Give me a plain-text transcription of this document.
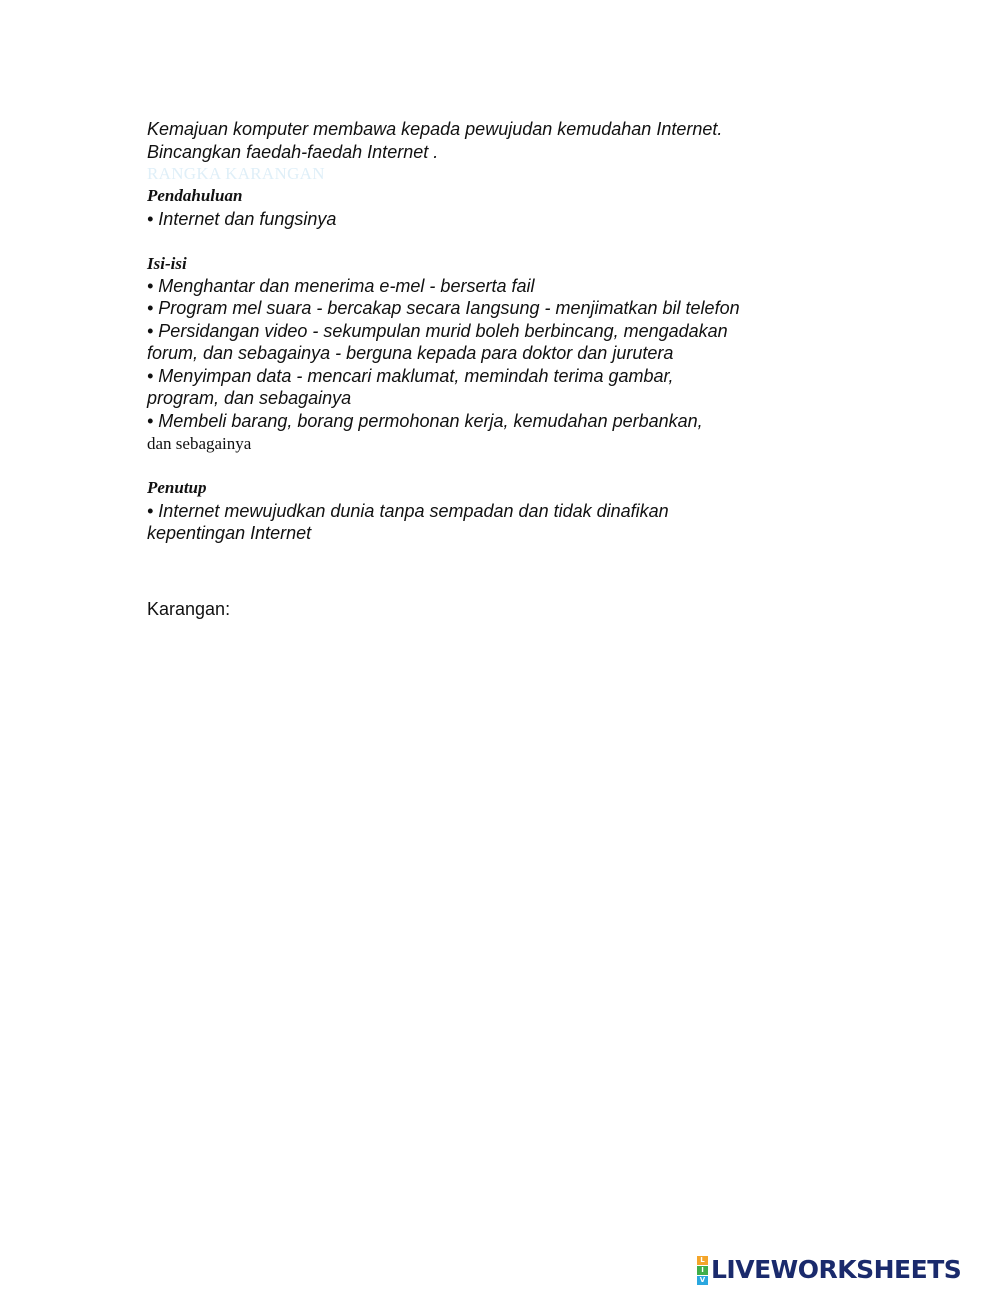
Kemajuan komputer membawa kepada pewujudan kemudahan Internet.
Bincangkan faedah-faedah Internet .
RANGKA KARANGAN
Pendahuluan
• Internet dan fungsinya
Isi-isi
• Menghantar dan menerima e-mel - berserta fail
• Program mel suara - bercakap secara Iangsung - menjimatkan bil telefon
• Persidangan video - sekumpulan murid boleh berbincang, mengadakan
forum, dan sebagainya - berguna kepada para doktor dan jurutera
• Menyimpan data - mencari maklumat, memindah terima gambar,
program, dan sebagainya
• Membeli barang, borang permohonan kerja, kemudahan perbankan,
dan sebagainya
Penutup
• Internet mewujudkan dunia tanpa sempadan dan tidak dinafikan
kepentingan Internet
Karangan:
L
I
V LIVEWORKSHEETS
